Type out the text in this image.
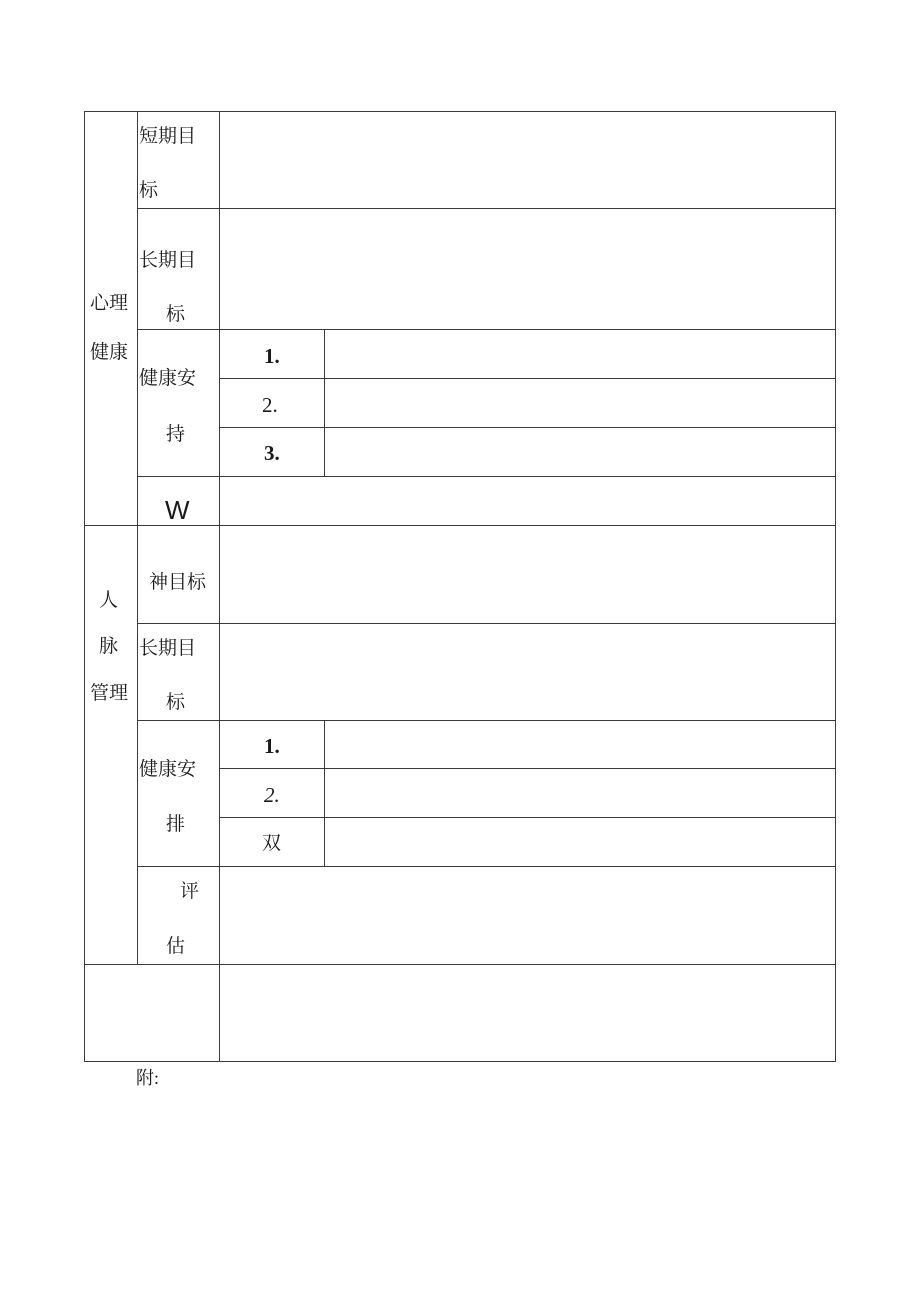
心理
健康
短期目
标
长期目
标
健康安
持
1.
2.
3.
W
人
脉
管理
神目标
长期目
标
健康安
排
1.
2.
双
评
估
附:
